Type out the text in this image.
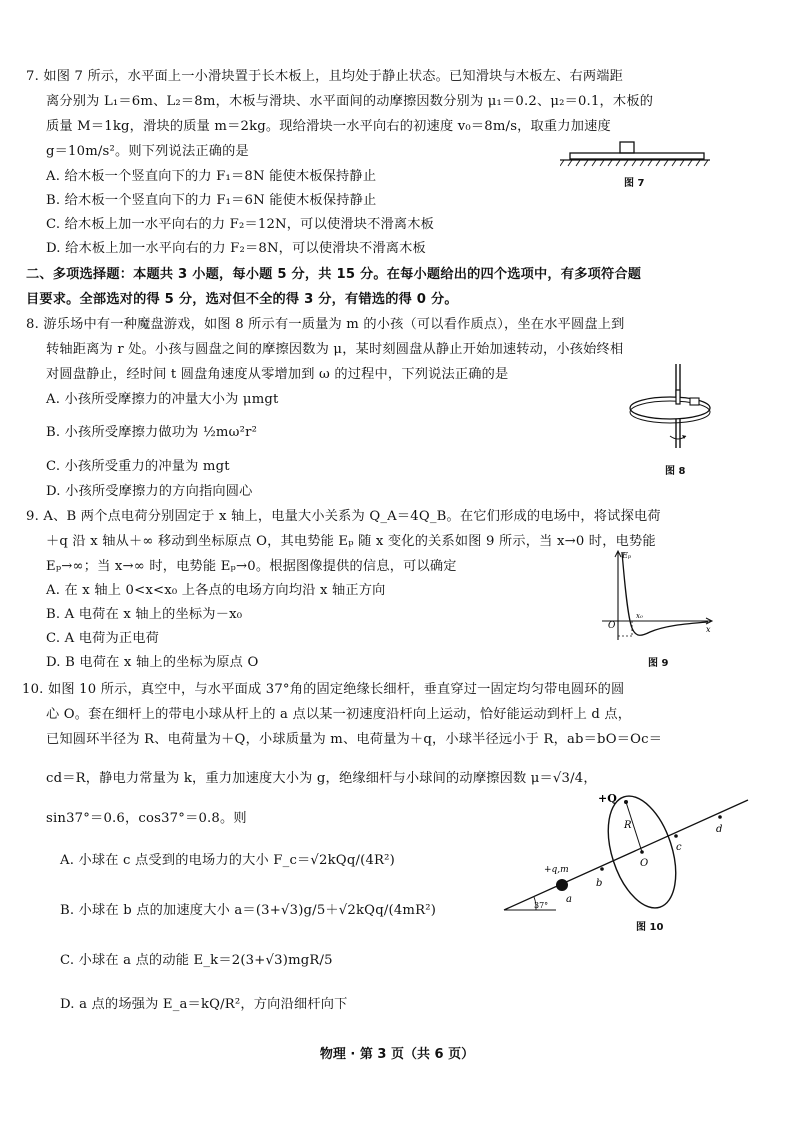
7. 如图 7 所示，水平面上一小滑块置于长木板上，且均处于静止状态。已知滑块与木板左、右两端距
离分别为 L₁＝6m、L₂＝8m，木板与滑块、水平面间的动摩擦因数分别为 μ₁＝0.2、μ₂＝0.1，木板的
质量 M＝1kg，滑块的质量 m＝2kg。现给滑块一水平向右的初速度 v₀＝8m/s，取重力加速度
g＝10m/s²。则下列说法正确的是
A. 给木板一个竖直向下的力 F₁＝8N 能使木板保持静止
B. 给木板一个竖直向下的力 F₁＝6N 能使木板保持静止
C. 给木板上加一水平向右的力 F₂＝12N，可以使滑块不滑离木板
D. 给木板上加一水平向右的力 F₂＝8N，可以使滑块不滑离木板
图 7
二、多项选择题：本题共 3 小题，每小题 5 分，共 15 分。在每小题给出的四个选项中，有多项符合题
目要求。全部选对的得 5 分，选对但不全的得 3 分，有错选的得 0 分。
8. 游乐场中有一种魔盘游戏，如图 8 所示有一质量为 m 的小孩（可以看作质点），坐在水平圆盘上到
转轴距离为 r 处。小孩与圆盘之间的摩擦因数为 μ，某时刻圆盘从静止开始加速转动，小孩始终相
对圆盘静止，经时间 t 圆盘角速度从零增加到 ω 的过程中，下列说法正确的是
A. 小孩所受摩擦力的冲量大小为 μmgt
B. 小孩所受摩擦力做功为 ½mω²r²
C. 小孩所受重力的冲量为 mgt
D. 小孩所受摩擦力的方向指向圆心
图 8
9. A、B 两个点电荷分别固定于 x 轴上，电量大小关系为 Q_A＝4Q_B。在它们形成的电场中，将试探电荷
＋q 沿 x 轴从＋∞ 移动到坐标原点 O，其电势能 Eₚ 随 x 变化的关系如图 9 所示，当 x→0 时，电势能
Eₚ→∞；当 x→∞ 时，电势能 Eₚ→0。根据图像提供的信息，可以确定
A. 在 x 轴上 0<x<x₀ 上各点的电场方向均沿 x 轴正方向
B. A 电荷在 x 轴上的坐标为－x₀
C. A 电荷为正电荷
D. B 电荷在 x 轴上的坐标为原点 O
Eₚ
O
x₀
x
图 9
10. 如图 10 所示，真空中，与水平面成 37°角的固定绝缘长细杆，垂直穿过一固定均匀带电圆环的圆
心 O。套在细杆上的带电小球从杆上的 a 点以某一初速度沿杆向上运动，恰好能运动到杆上 d 点，
已知圆环半径为 R、电荷量为＋Q，小球质量为 m、电荷量为＋q，小球半径远小于 R，ab＝bO＝Oc＝
cd＝R，静电力常量为 k，重力加速度大小为 g，绝缘细杆与小球间的动摩擦因数 μ＝√3/4，
sin37°＝0.6，cos37°＝0.8。则
A. 小球在 c 点受到的电场力的大小 F_c＝√2kQq/(4R²)
B. 小球在 b 点的加速度大小 a＝(3+√3)g/5＋√2kQq/(4mR²)
C. 小球在 a 点的动能 E_k＝2(3+√3)mgR/5
D. a 点的场强为 E_a＝kQ/R²，方向沿细杆向下
+Q
R
O
c
d
b
a
+q,m
37°
图 10
物理 · 第 3 页（共 6 页）
